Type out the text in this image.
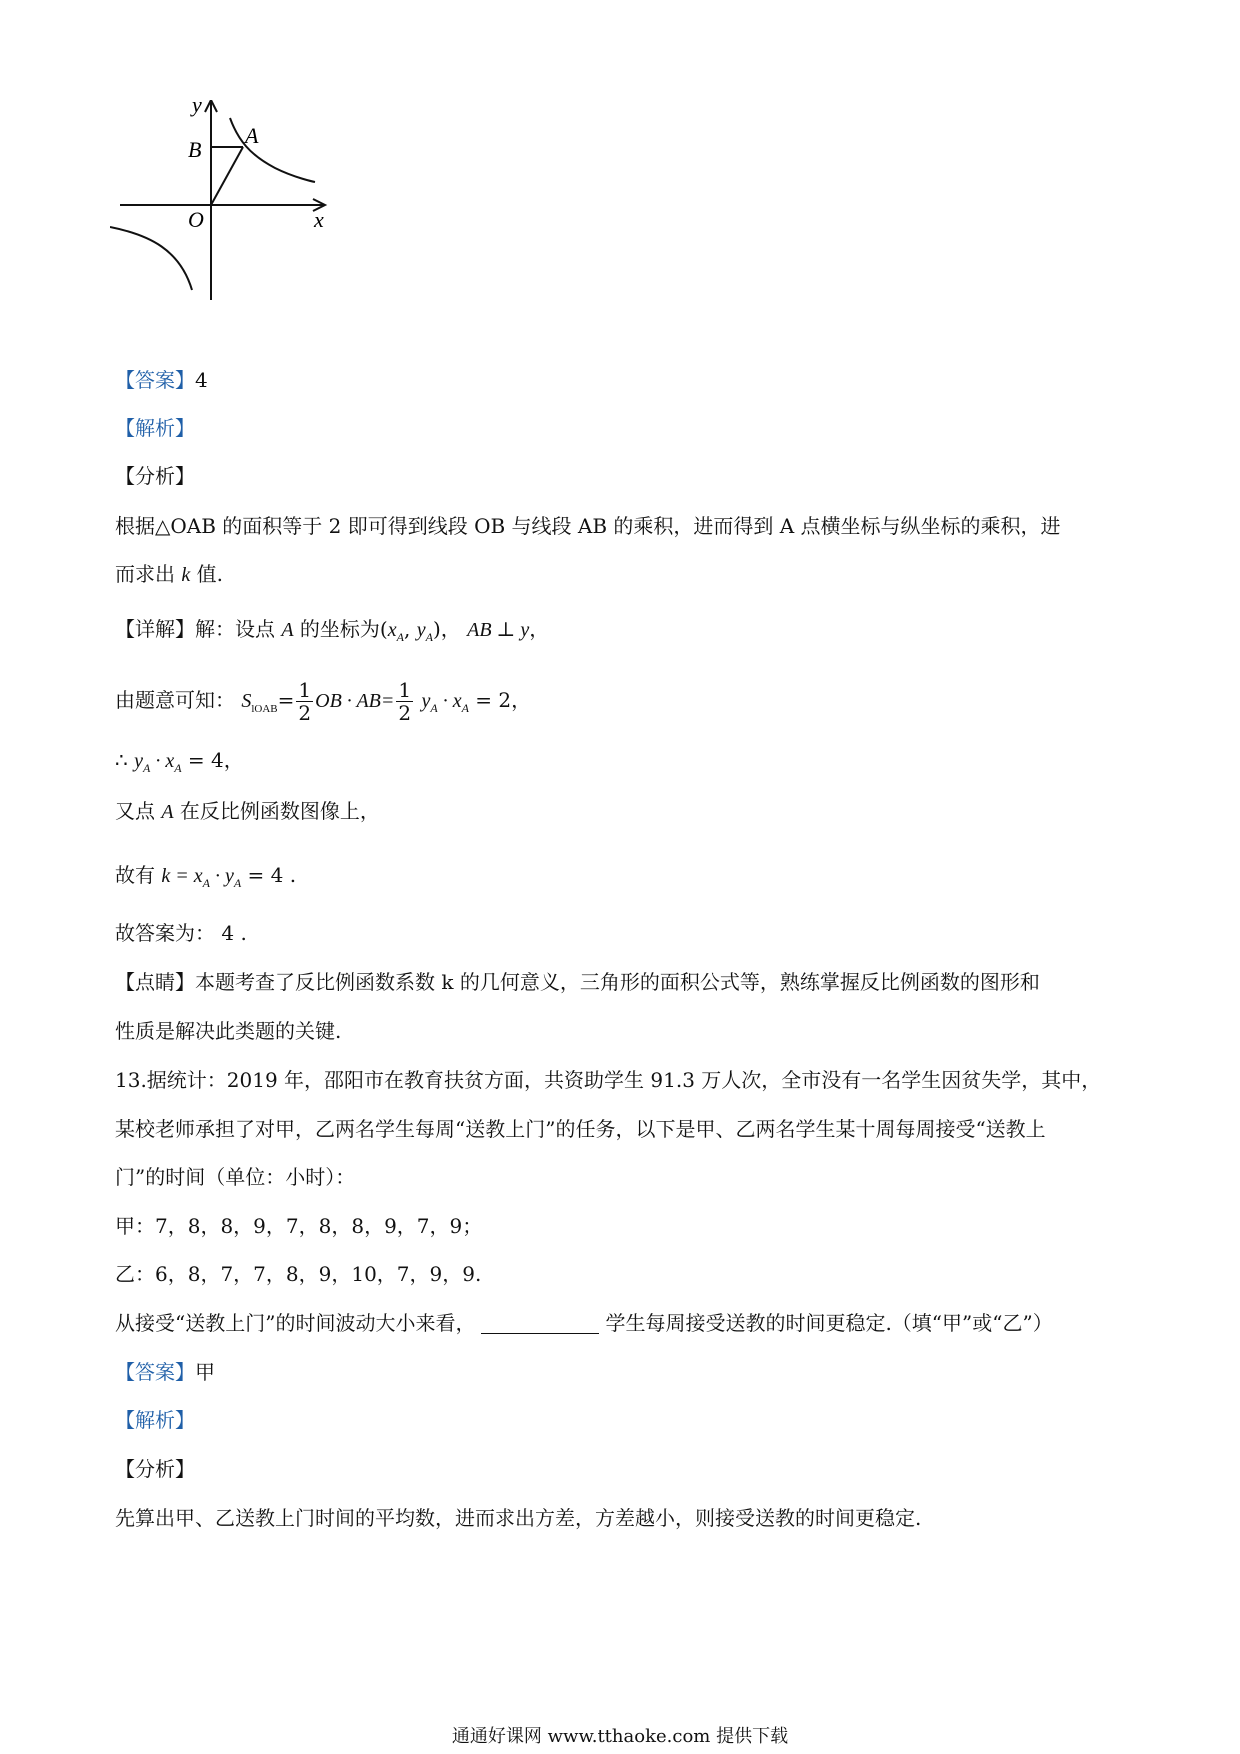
y
B
A
O	x
【答案】4
【解析】
【分析】
根据△OAB 的面积等于 2 即可得到线段 OB 与线段 AB 的乘积，进而得到 A 点横坐标与纵坐标的乘积，进
而求出 k 值.
【详解】解：设点 A 的坐标为($x_A$, $y_A$)， AB ⊥ y，
由题意可知： $S_{lOAB}= \frac{1}{2}$ OB · $AB= \frac{1}{2} y_A \cdot x_A = 2$，
∴ $y_A \cdot x_A = 4$，
又点 A 在反比例函数图像上，
故有 $k = x_A \cdot y_A = 4$ .
故答案为： 4 .
【点睛】本题考查了反比例函数系数 k 的几何意义，三角形的面积公式等，熟练掌握反比例函数的图形和
性质是解决此类题的关键.
13.据统计：2019 年，邵阳市在教育扶贫方面，共资助学生 91.3 万人次，全市没有一名学生因贫失学，其中，
某校老师承担了对甲，乙两名学生每周“送教上门”的任务，以下是甲、乙两名学生某十周每周接受“送教上
门”的时间（单位：小时）：
甲：7，8，8，9，7，8，8，9，7，9；
乙：6，8，7，7，8，9，10，7，9，9.
从接受“送教上门”的时间波动大小来看，	学生每周接受送教的时间更稳定.（填“甲”或“乙”）
【答案】甲
【解析】
【分析】
先算出甲、乙送教上门时间的平均数，进而求出方差，方差越小，则接受送教的时间更稳定.
通通好课网 www.tthaoke.com 提供下载
